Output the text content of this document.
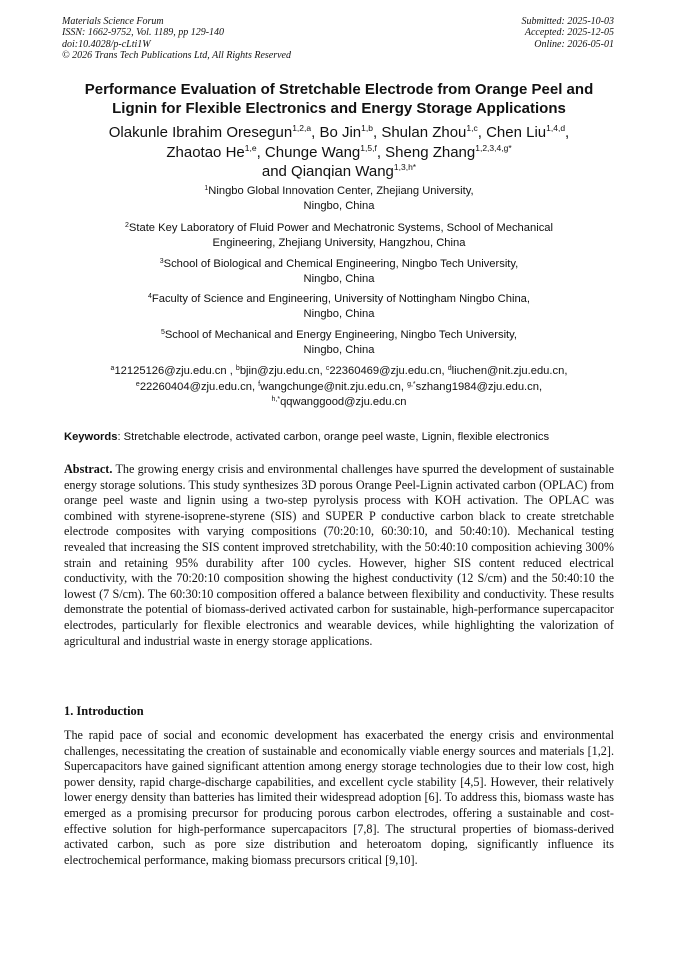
Materials Science Forum
ISSN: 1662-9752, Vol. 1189, pp 129-140
doi:10.4028/p-cLti1W
© 2026 Trans Tech Publications Ltd, All Rights Reserved
Submitted: 2025-10-03
Accepted: 2025-12-05
Online: 2026-05-01
Performance Evaluation of Stretchable Electrode from Orange Peel and
Lignin for Flexible Electronics and Energy Storage Applications
Olakunle Ibrahim Oresegun$^{1,2,a}$, Bo Jin$^{1,b}$, Shulan Zhou$^{1,c}$, Chen Liu$^{1,4,d}$,
Zhaotao He$^{1,e}$, Chunge Wang$^{1,5,f}$, Sheng Zhang$^{1,2,3,4,g*}$
and Qianqian Wang$^{1,3,h*}$
$^1$Ningbo Global Innovation Center, Zhejiang University,
Ningbo, China
$^2$State Key Laboratory of Fluid Power and Mechatronic Systems, School of Mechanical
Engineering, Zhejiang University, Hangzhou, China
$^3$School of Biological and Chemical Engineering, Ningbo Tech University,
Ningbo, China
$^4$Faculty of Science and Engineering, University of Nottingham Ningbo China,
Ningbo, China
$^5$School of Mechanical and Energy Engineering, Ningbo Tech University,
Ningbo, China
$^a$12125126@zju.edu.cn , $^b$bjin@zju.edu.cn, $^c$22360469@zju.edu.cn, $^d$liuchen@nit.zju.edu.cn,
$^e$22260404@zju.edu.cn, $^f$wangchunge@nit.zju.edu.cn, $^{g,*}$szhang1984@zju.edu.cn,
$^{h,*}$qqwanggood@zju.edu.cn
Keywords: Stretchable electrode, activated carbon, orange peel waste, Lignin, flexible electronics
Abstract. The growing energy crisis and environmental challenges have spurred the development of sustainable energy storage solutions. This study synthesizes 3D porous Orange Peel-Lignin activated carbon (OPLAC) from orange peel waste and lignin using a two-step pyrolysis process with KOH activation. The OPLAC was combined with styrene-isoprene-styrene (SIS) and SUPER P conductive carbon black to create stretchable electrode composites with varying compositions (70:20:10, 60:30:10, and 50:40:10). Mechanical testing revealed that increasing the SIS content improved stretchability, with the 50:40:10 composition achieving 300% strain and retaining 95% durability after 100 cycles. However, higher SIS content reduced electrical conductivity, with the 70:20:10 composition showing the highest conductivity (12 S/cm) and the 50:40:10 the lowest (7 S/cm). The 60:30:10 composition offered a balance between flexibility and conductivity. These results demonstrate the potential of biomass-derived activated carbon for sustainable, high-performance supercapacitor electrodes, particularly for flexible electronics and wearable devices, while highlighting the valorization of agricultural and industrial waste in energy storage applications.
1. Introduction
The rapid pace of social and economic development has exacerbated the energy crisis and environmental challenges, necessitating the creation of sustainable and economically viable energy sources and materials [1,2]. Supercapacitors have gained significant attention among energy storage technologies due to their low cost, high power density, rapid charge-discharge capabilities, and excellent cycle stability [4,5]. However, their relatively lower energy density than batteries has limited their widespread adoption [6]. To address this, biomass waste has emerged as a promising precursor for producing porous carbon electrodes, offering a sustainable and cost-effective solution for high-performance supercapacitors [7,8]. The structural properties of biomass-derived activated carbon, such as pore size distribution and heteroatom doping, significantly influence its electrochemical performance, making biomass precursors critical [9,10].
